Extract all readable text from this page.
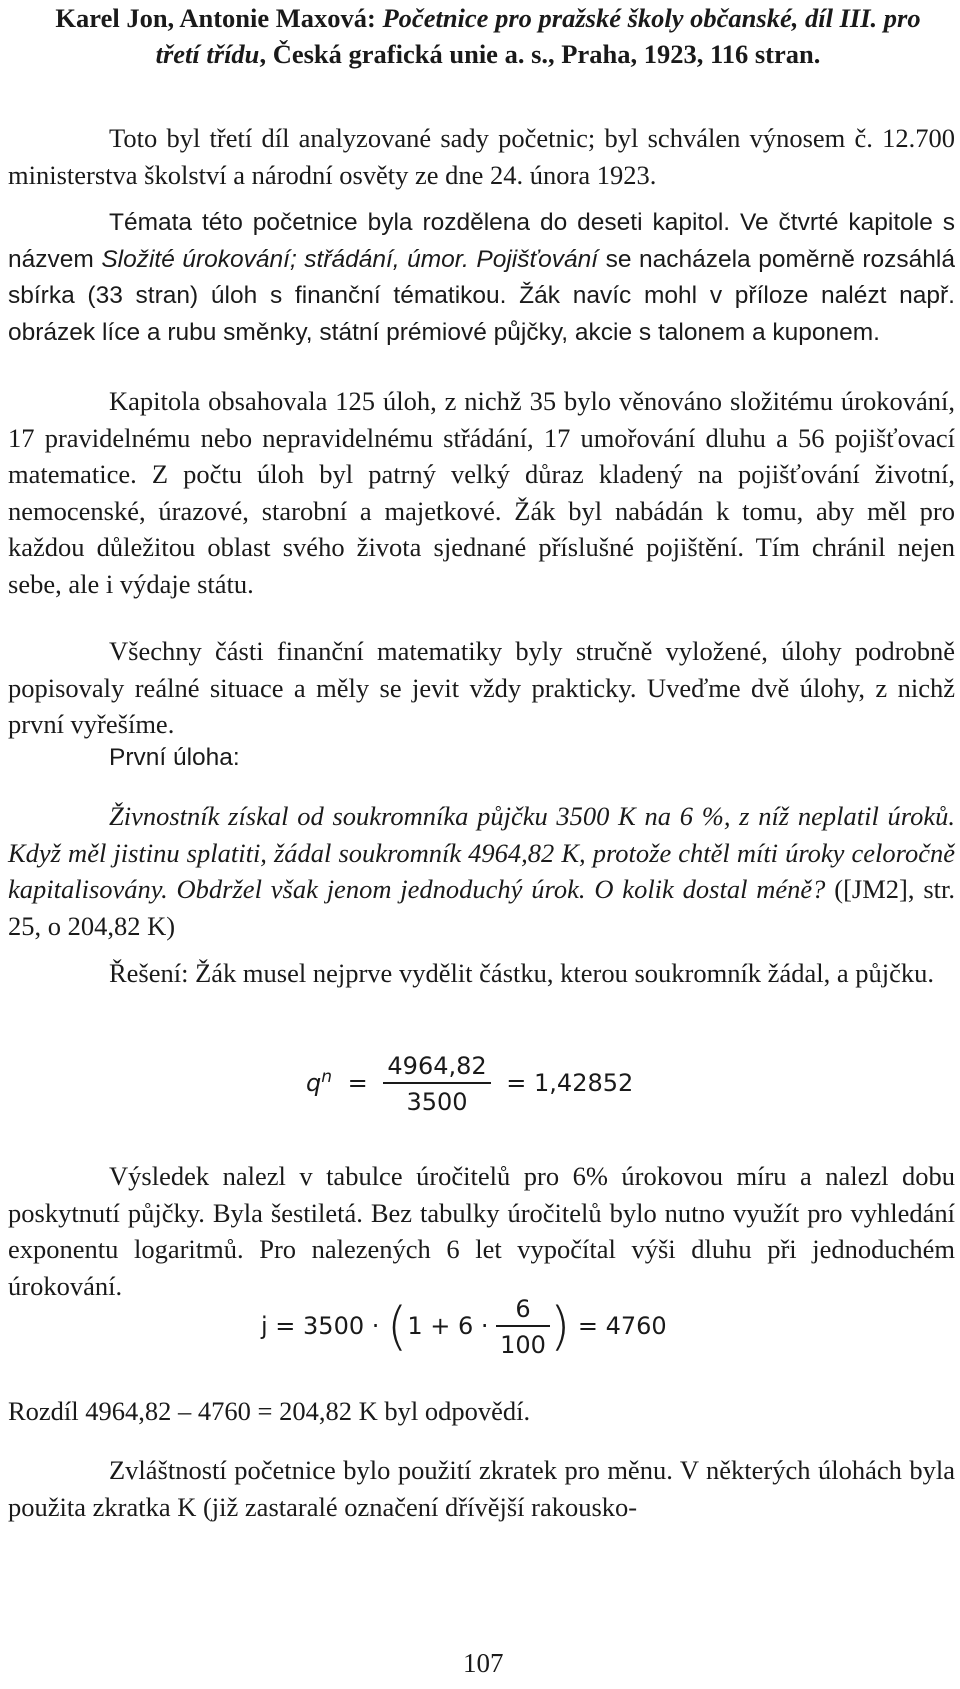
Karel Jon, Antonie Maxová: Početnice pro pražské školy občanské, díl III. pro třetí třídu, Česká grafická unie a. s., Praha, 1923, 116 stran.
Toto byl třetí díl analyzované sady početnic; byl schválen výnosem č. 12.700 ministerstva školství a národní osvěty ze dne 24. února 1923.
Témata této početnice byla rozdělena do deseti kapitol. Ve čtvrté kapitole s názvem Složité úrokování; střádání, úmor. Pojišťování se nacházela poměrně rozsáhlá sbírka (33 stran) úloh s finanční tématikou. Žák navíc mohl v příloze nalézt např. obrázek líce a rubu směnky, státní prémiové půjčky, akcie s talonem a kuponem.
Kapitola obsahovala 125 úloh, z nichž 35 bylo věnováno složitému úrokování, 17 pravidelnému nebo nepravidelnému střádání, 17 umořování dluhu a 56 pojišťovací matematice. Z počtu úloh byl patrný velký důraz kladený na pojišťování životní, nemocenské, úrazové, starobní a majetkové. Žák byl nabádán k tomu, aby měl pro každou důležitou oblast svého života sjednané příslušné pojištění. Tím chránil nejen sebe, ale i výdaje státu.
Všechny části finanční matematiky byly stručně vyložené, úlohy podrobně popisovaly reálné situace a měly se jevit vždy prakticky. Uveďme dvě úlohy, z nichž první vyřešíme.
První úloha:
Živnostník získal od soukromníka půjčku 3500 K na 6 %, z níž neplatil úroků. Když měl jistinu splatiti, žádal soukromník 4964,82 K, protože chtěl míti úroky celoročně kapitalisovány. Obdržel však jenom jednoduchý úrok. O kolik dostal méně? ([JM2], str. 25, o 204,82 K)
Řešení: Žák musel nejprve vydělit částku, kterou soukromník žádal, a půjčku.
$q^n = \frac{4964,82}{3500} = 1,42852$
Výsledek nalezl v tabulce úročitelů pro 6% úrokovou míru a nalezl dobu poskytnutí půjčky. Byla šestiletá. Bez tabulky úročitelů bylo nutno využít pro vyhledání exponentu logaritmů. Pro nalezených 6 let vypočítal výši dluhu při jednoduchém úrokování.
$j = 3500 \cdot (1 + 6 \cdot \frac{6}{100}$ ) = 4760
Rozdíl 4964,82 – 4760 = 204,82 K byl odpovědí.
Zvláštností početnice bylo použití zkratek pro měnu. V některých úlohách byla použita zkratka K (již zastaralé označení dřívější rakousko-
107
